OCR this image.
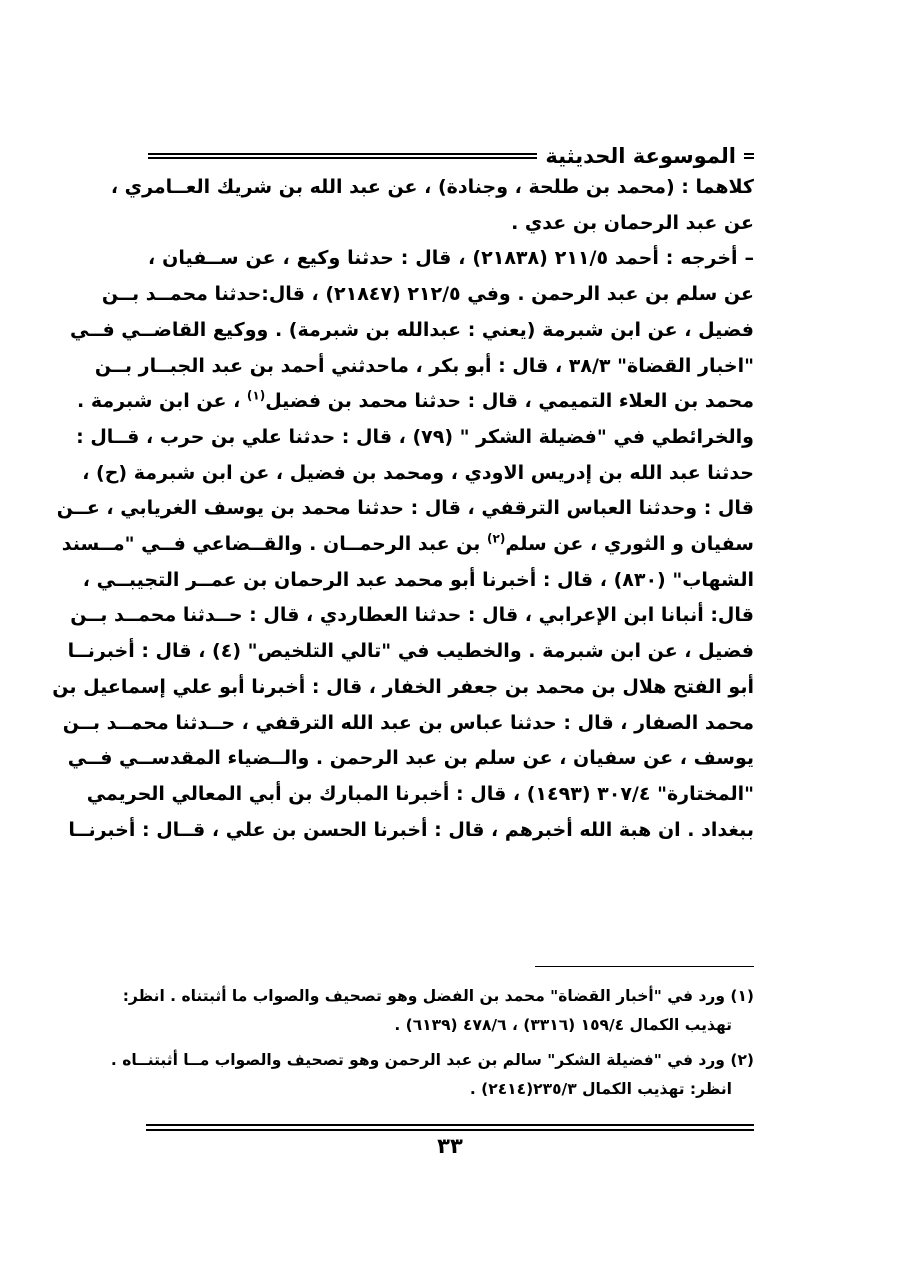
الموسوعة الحديثية
كلاهما : (محمد بن طلحة ، وجنادة) ، عن عبد الله بن شريك العــامري ،
عن عبد الرحمان بن عدي .
– أخرجه : أحمد ٢١١/٥ (٢١٨٣٨) ، قال : حدثنا وكيع ، عن ســفيان ،
عن سلم بن عبد الرحمن . وفي ٢١٢/٥ (٢١٨٤٧) ، قال:حدثنا محمــد بــن
فضيل ، عن ابن شبرمة (يعني : عبدالله بن شبرمة) . ووكيع القاضــي فــي
"اخبار القضاة" ٣٨/٣ ، قال : أبو بكر ، ماحدثني أحمد بن عبد الجبــار بــن
محمد بن العلاء التميمي ، قال : حدثنا محمد بن فضيل$^{(١)}$ ، عن ابن شبرمة .
والخرائطي في "فضيلة الشكر " (٧٩) ، قال : حدثنا علي بن حرب ، قــال :
حدثنا عبد الله بن إدريس الاودي ، ومحمد بن فضيل ، عن ابن شبرمة (ح) ،
قال : وحدثنا العباس الترقفي ، قال : حدثنا محمد بن يوسف الغريابي ، عــن
سفيان و الثوري ، عن سلم$^{(٢)}$ بن عبد الرحمــان . والقــضاعي فــي "مــسند
الشهاب" (٨٣٠) ، قال : أخبرنا أبو محمد عبد الرحمان بن عمــر التجيبــي ،
قال: أنبانا ابن الإعرابي ، قال : حدثنا العطاردي ، قال : حــدثنا محمــد بــن
فضيل ، عن ابن شبرمة . والخطيب في "تالي التلخيص" (٤) ، قال : أخبرنــا
أبو الفتح هلال بن محمد بن جعفر الخفار ، قال : أخبرنا أبو علي إسماعيل بن
محمد الصفار ، قال : حدثنا عباس بن عبد الله الترقفي ، حــدثنا محمــد بــن
يوسف ، عن سفيان ، عن سلم بن عبد الرحمن . والــضياء المقدســي فــي
"المختارة" ٣٠٧/٤ (١٤٩٣) ، قال : أخبرنا المبارك بن أبي المعالي الحريمي
ببغداد . ان هبة الله أخبرهم ، قال : أخبرنا الحسن بن علي ، قــال : أخبرنــا
(١) ورد في "أخبار القضاة" محمد بن الفضل وهو تصحيف والصواب ما أثبتناه . انظر:
تهذيب الكمال ١٥٩/٤ (٣٣١٦) ، ٤٧٨/٦ (٦١٣٩) .
(٢) ورد في "فضيلة الشكر" سالم بن عبد الرحمن وهو تصحيف والصواب مــا أثبتنــاه .
انظر: تهذيب الكمال ٢٣٥/٣(٢٤١٤) .
٣٣
